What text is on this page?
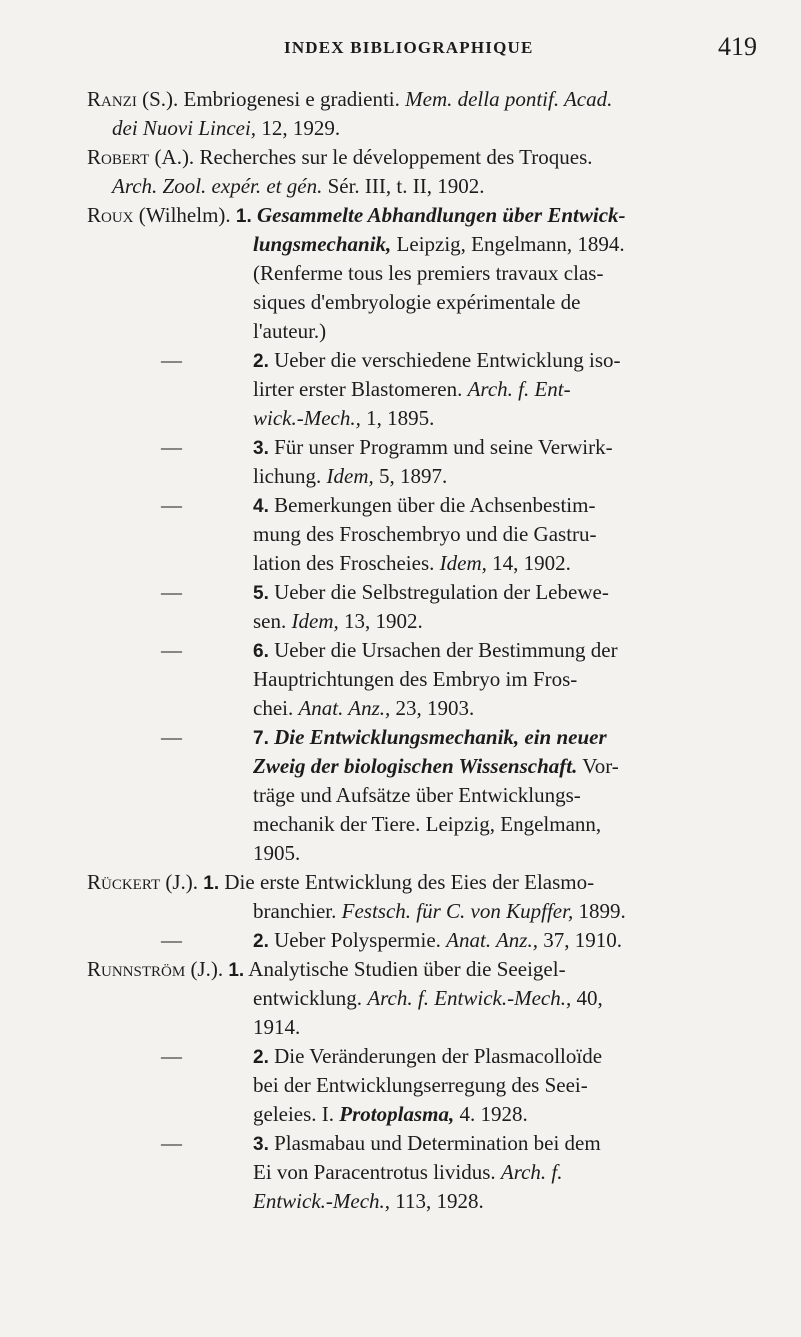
INDEX BIBLIOGRAPHIQUE	419
Ranzi (S.). Embriogenesi e gradienti. Mem. della pontif. Acad.
dei Nuovi Lincei, 12, 1929.
Robert (A.). Recherches sur le développement des Troques.
Arch. Zool. expér. et gén. Sér. III, t. II, 1902.
Roux (Wilhelm). 1. Gesammelte Abhandlungen über Entwick-
lungsmechanik, Leipzig, Engelmann, 1894.
(Renferme tous les premiers travaux clas-
siques d'embryologie expérimentale de
l'auteur.)
—	2. Ueber die verschiedene Entwicklung iso-
lirter erster Blastomeren. Arch. f. Ent-
wick.-Mech., 1, 1895.
—	3. Für unser Programm und seine Verwirk-
lichung. Idem, 5, 1897.
—	4. Bemerkungen über die Achsenbestim-
mung des Froschembryo und die Gastru-
lation des Froscheies. Idem, 14, 1902.
—	5. Ueber die Selbstregulation der Lebewe-
sen. Idem, 13, 1902.
—	6. Ueber die Ursachen der Bestimmung der
Hauptrichtungen des Embryo im Fros-
chei. Anat. Anz., 23, 1903.
—	7. Die Entwicklungsmechanik, ein neuer
Zweig der biologischen Wissenschaft. Vor-
träge und Aufsätze über Entwicklungs-
mechanik der Tiere. Leipzig, Engelmann,
1905.
Rückert (J.). 1. Die erste Entwicklung des Eies der Elasmo-
branchier. Festsch. für C. von Kupffer, 1899.
—	2. Ueber Polyspermie. Anat. Anz., 37, 1910.
Runnström (J.). 1. Analytische Studien über die Seeigel-
entwicklung. Arch. f. Entwick.-Mech., 40,
1914.
—	2. Die Veränderungen der Plasmacolloïde
bei der Entwicklungserregung des Seei-
geleies. I. Protoplasma, 4. 1928.
—	3. Plasmabau und Determination bei dem
Ei von Paracentrotus lividus. Arch. f.
Entwick.-Mech., 113, 1928.
